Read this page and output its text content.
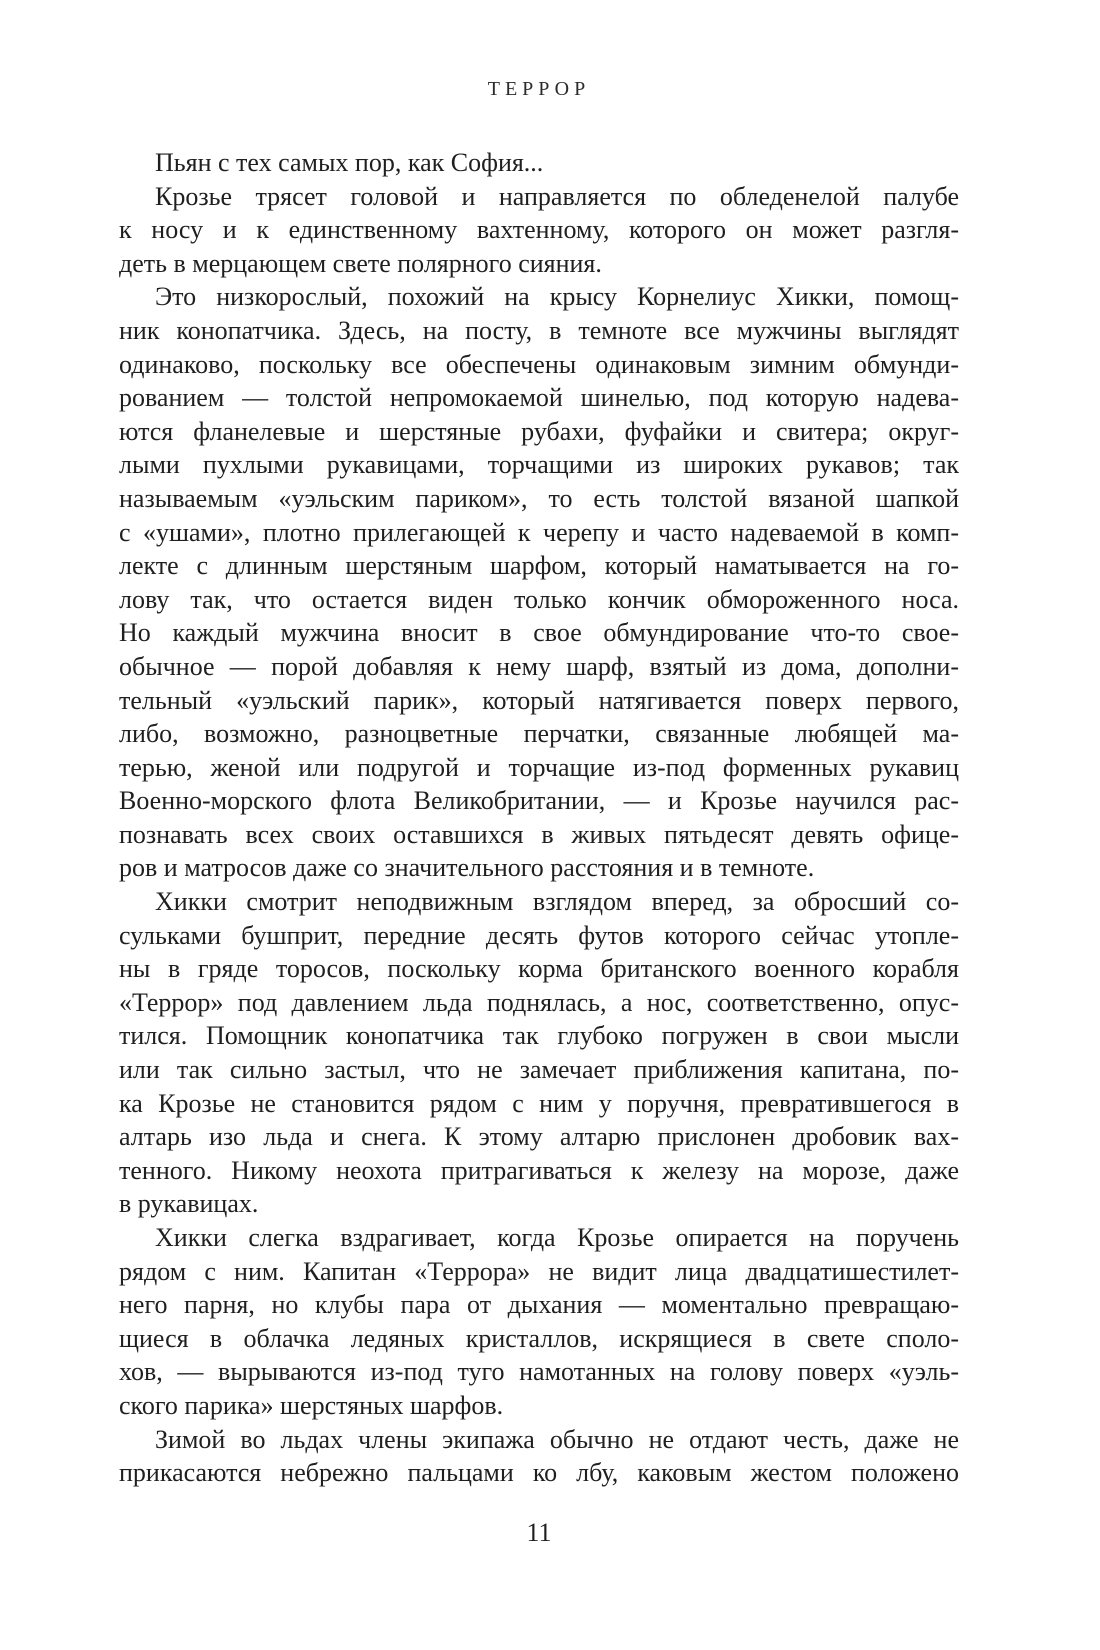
ТЕРРОР
Пьян с тех самых пор, как София...
Крозье трясет головой и направляется по обледенелой палубе
к носу и к единственному вахтенному, которого он может разгля-
деть в мерцающем свете полярного сияния.
Это низкорослый, похожий на крысу Корнелиус Хикки, помощ-
ник конопатчика. Здесь, на посту, в темноте все мужчины выглядят
одинаково, поскольку все обеспечены одинаковым зимним обмунди-
рованием — толстой непромокаемой шинелью, под которую надева-
ются фланелевые и шерстяные рубахи, фуфайки и свитера; округ-
лыми пухлыми рукавицами, торчащими из широких рукавов; так
называемым «уэльским париком», то есть толстой вязаной шапкой
с «ушами», плотно прилегающей к черепу и часто надеваемой в комп-
лекте с длинным шерстяным шарфом, который наматывается на го-
лову так, что остается виден только кончик обмороженного носа.
Но каждый мужчина вносит в свое обмундирование что-то свое-
обычное — порой добавляя к нему шарф, взятый из дома, дополни-
тельный «уэльский парик», который натягивается поверх первого,
либо, возможно, разноцветные перчатки, связанные любящей ма-
терью, женой или подругой и торчащие из-под форменных рукавиц
Военно-морского флота Великобритании, — и Крозье научился рас-
познавать всех своих оставшихся в живых пятьдесят девять офице-
ров и матросов даже со значительного расстояния и в темноте.
Хикки смотрит неподвижным взглядом вперед, за обросший со-
сульками бушприт, передние десять футов которого сейчас утопле-
ны в гряде торосов, поскольку корма британского военного корабля
«Террор» под давлением льда поднялась, а нос, соответственно, опус-
тился. Помощник конопатчика так глубоко погружен в свои мысли
или так сильно застыл, что не замечает приближения капитана, по-
ка Крозье не становится рядом с ним у поручня, превратившегося в
алтарь изо льда и снега. К этому алтарю прислонен дробовик вах-
тенного. Никому неохота притрагиваться к железу на морозе, даже
в рукавицах.
Хикки слегка вздрагивает, когда Крозье опирается на поручень
рядом с ним. Капитан «Террора» не видит лица двадцатишестилет-
него парня, но клубы пара от дыхания — моментально превращаю-
щиеся в облачка ледяных кристаллов, искрящиеся в свете споло-
хов, — вырываются из-под туго намотанных на голову поверх «уэль-
ского парика» шерстяных шарфов.
Зимой во льдах члены экипажа обычно не отдают честь, даже не
прикасаются небрежно пальцами ко лбу, каковым жестом положено
11
